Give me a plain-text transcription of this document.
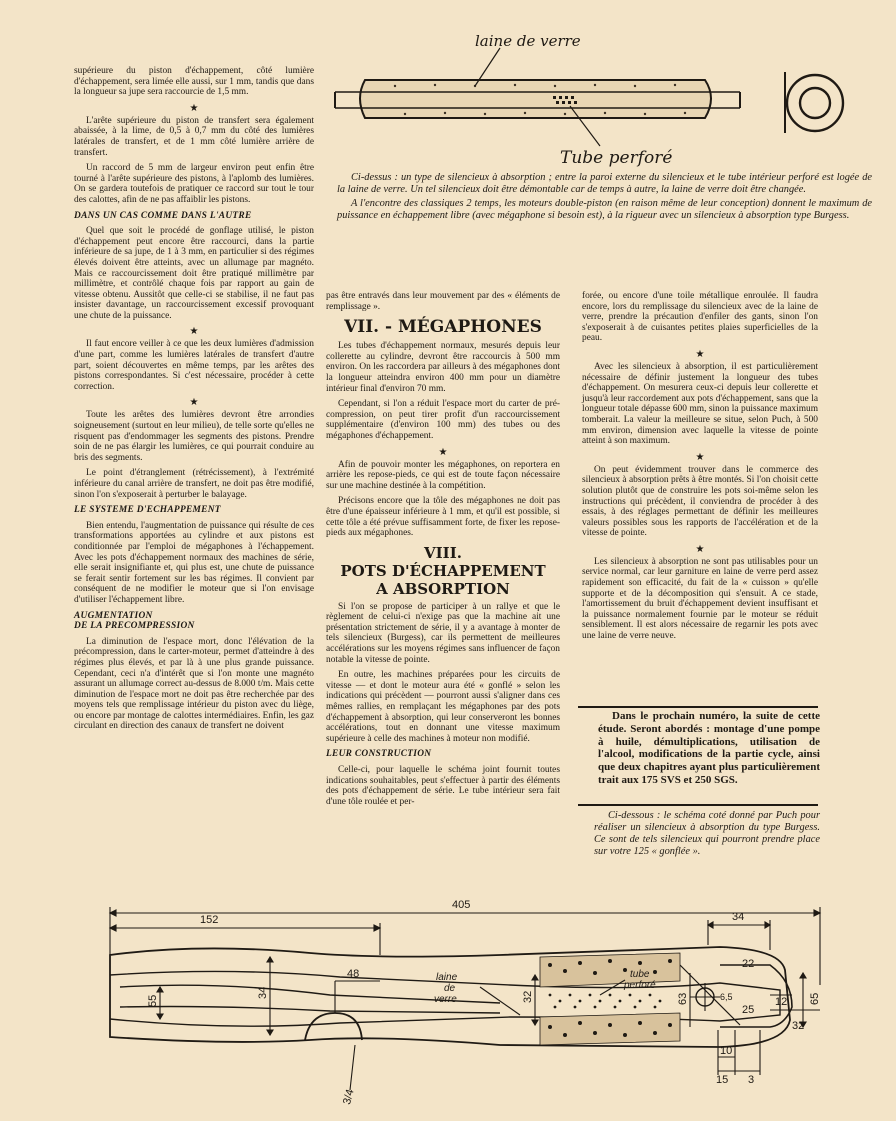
laine de verre
Tube perforé

Ci-dessus : un type de silencieux à absorption ; entre la paroi externe du silencieux et le tube intérieur perforé est logée de la laine de verre. Un tel silencieux doit être démontable car de temps à autre, la laine de verre doit être changée.

A l'encontre des classiques 2 temps, les moteurs double-piston (en raison même de leur conception) donnent le maximum de puissance en échappement libre (avec mégaphone si besoin est), à la rigueur avec un silencieux à absorption type Burgess.

supérieure du piston d'échappement, côté lumière d'échappement, sera limée elle aussi, sur 1 mm, tandis que dans la longueur sa jupe sera raccourcie de 1,5 mm.

★

L'arête supérieure du piston de transfert sera également abaissée, à la lime, de 0,5 à 0,7 mm du côté des lumières latérales de transfert, et de 1 mm côté lumière arrière de transfert.

Un raccord de 5 mm de largeur environ peut enfin être tourné à l'arête supérieure des pistons, à l'aplomb des lumières. On se gardera toutefois de pratiquer ce raccord sur tout le tour des calottes, afin de ne pas affaiblir les pistons.

DANS UN CAS COMME DANS L'AUTRE

Quel que soit le procédé de gonflage utilisé, le piston d'échappement peut encore être raccourci, dans la partie inférieure de sa jupe, de 1 à 3 mm, en particulier si des régimes élevés doivent être atteints, avec un allumage par magnéto. Mais ce raccourcissement doit être pratiqué millimètre par millimètre, et contrôlé chaque fois par rapport au gain de vitesse obtenu. Aussitôt que celle-ci se stabilise, il ne faut pas insister davantage, un raccourcissement excessif provoquant une chute de la puissance.

★

Il faut encore veiller à ce que les deux lumières d'admission d'une part, comme les lumières latérales de transfert d'autre part, soient découvertes en même temps, par les arêtes des pistons correspondantes. Si c'est nécessaire, procéder à cette correction.

★

Toute les arêtes des lumières devront être arrondies soigneusement (surtout en leur milieu), de telle sorte qu'elles ne risquent pas d'endommager les segments des pistons. Prendre soin de ne pas élargir les lumières, ce qui pourrait conduire au bris des segments.

Le point d'étranglement (rétrécissement), à l'extrémité inférieure du canal arrière de transfert, ne doit pas être modifié, sinon l'on s'exposerait à perturber le balayage.

LE SYSTEME D'ECHAPPEMENT

Bien entendu, l'augmentation de puissance qui résulte de ces transformations apportées au cylindre et aux pistons est conditionnée par l'emploi de mégaphones à l'échappement. Avec les pots d'échappement normaux des machines de série, elle serait insignifiante et, qui plus est, une chute de puissance se ferait sentir fortement sur les bas régimes. Il convient par conséquent de ne modifier le moteur que si l'on envisage d'utiliser l'échappement libre.

AUGMENTATION

DE LA PRECOMPRESSION

La diminution de l'espace mort, donc l'élévation de la précompression, dans le carter-moteur, permet d'atteindre à des régimes plus élevés, et par là à une plus grande puissance. Cependant, ceci n'a d'intérêt que si l'on monte une magnéto assurant un allumage correct au-dessus de 8.000 t/m. Mais cette diminution de l'espace mort ne doit pas être recherchée par des moyens tels que remplissage intérieur du piston avec du liège, ou encore par montage de calottes intermédiaires. Enfin, les gaz circulant en direction des canaux de transfert ne doivent

pas être entravés dans leur mouvement par des « éléments de remplissage ».

VII. - MÉGAPHONES

Les tubes d'échappement normaux, mesurés depuis leur collerette au cylindre, devront être raccourcis à 500 mm environ. On les raccordera par ailleurs à des mégaphones dont la longueur atteindra environ 400 mm pour un diamètre intérieur final d'environ 70 mm.

Cependant, si l'on a réduit l'espace mort du carter de pré-compression, on peut tirer profit d'un raccourcissement supplémentaire (d'environ 100 mm) des tubes ou des mégaphones d'échappement.

★

Afin de pouvoir monter les mégaphones, on reportera en arrière les repose-pieds, ce qui est de toute façon nécessaire sur une machine destinée à la compétition.

Précisons encore que la tôle des mégaphones ne doit pas être d'une épaisseur inférieure à 1 mm, et qu'il est possible, si cette tôle a été prévue suffisamment forte, de fixer les repose-pieds aux mégaphones.

VIII.
POTS D'ÉCHAPPEMENT
A ABSORPTION

Si l'on se propose de participer à un rallye et que le règlement de celui-ci n'exige pas que la machine ait une présentation strictement de série, il y a avantage à monter de tels silencieux (Burgess), car ils permettent de meilleures accélérations sur les moyens régimes sans influencer de façon notable la vitesse de pointe.

En outre, les machines préparées pour les circuits de vitesse — et dont le moteur aura été « gonflé » selon les indications qui précèdent — pourront aussi s'aligner dans ces mêmes rallies, en remplaçant les mégaphones par des pots d'échappement à absorption, qui leur conserveront les bonnes accélérations, tout en donnant une vitesse maximum supérieure à celle des machines à moteur non modifié.

LEUR CONSTRUCTION

Celle-ci, pour laquelle le schéma joint fournit toutes indications souhaitables, peut s'effectuer à partir des éléments des pots d'échappement de série. Le tube intérieur sera fait d'une tôle roulée et per-

forée, ou encore d'une toile métallique enroulée. Il faudra encore, lors du remplissage du silencieux avec de la laine de verre, prendre la précaution d'enfiler des gants, sinon l'on s'exposerait à de cuisantes petites plaies superficielles de la peau.

★

Avec les silencieux à absorption, il est particulièrement nécessaire de définir justement la longueur des tubes d'échappement. On mesurera ceux-ci depuis leur collerette et jusqu'à leur raccordement aux pots d'échappement, sans que la longueur totale dépasse 600 mm, sinon la puissance maximum tomberait. La valeur la meilleure se situe, selon Puch, à 500 mm environ, dimension avec laquelle la vitesse de pointe atteint à son maximum.

★

On peut évidemment trouver dans le commerce des silencieux à absorption prêts à être montés. Si l'on choisit cette solution plutôt que de construire les pots soi-même selon les instructions qui précèdent, il conviendra de procéder à des essais, à des réglages permettant de définir les meilleures valeurs possibles sous les rapports de l'accélération et de la vitesse de pointe.

★

Les silencieux à absorption ne sont pas utilisables pour un service normal, car leur garniture en laine de verre perd assez rapidement son efficacité, du fait de la « cuisson » qu'elle supporte et de la décomposition qui s'ensuit. A ce stade, l'amortissement du bruit d'échappement devient insuffisant et la puissance normalement fournie par le moteur se réduit sensiblement. Il est alors nécessaire de regarnir les pots avec une laine de verre neuve.

Dans le prochain numéro, la suite de cette étude. Seront abordés : montage d'une pompe à huile, démultiplications, utilisation de l'alcool, modifications de la partie cycle, ainsi que deux chapitres ayant plus particulièrement trait aux 175 SVS et 250 SGS.

Ci-dessous : le schéma coté donné par Puch pour réaliser un silencieux à absorption du type Burgess. Ce sont de tels silencieux qui pourront prendre place sur votre 125 « gonflée ».

405
152	34
48
55
34	32
22
63	65
12
25
6,5
32
10
15 3
3/4
laine
de
verre
tube
perforé
